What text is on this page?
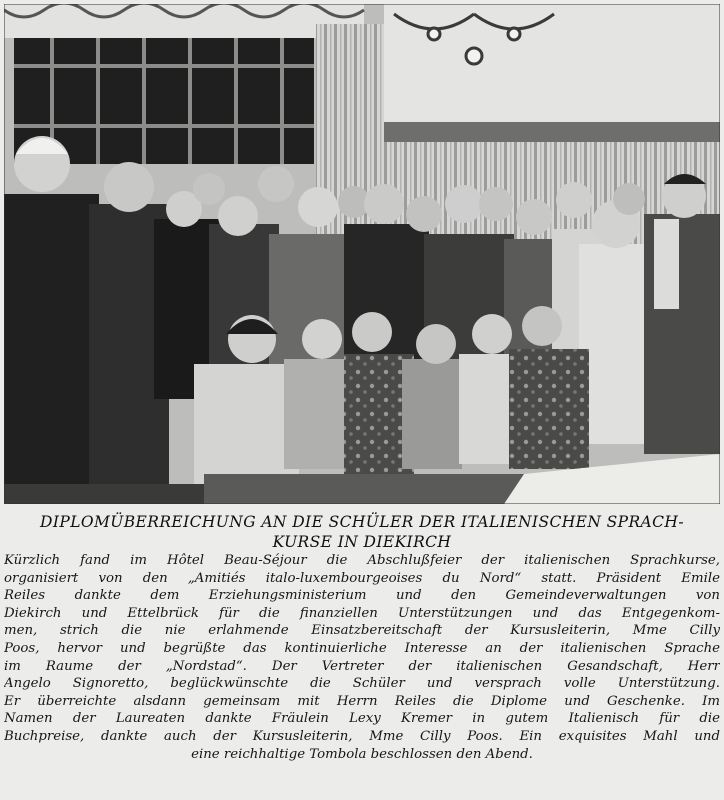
DIPLOMÜBERREICHUNG AN DIE SCHÜLER DER ITALIENISCHEN SPRACH-
KURSE IN DIEKIRCH
Kürzlich fand im Hôtel Beau-Séjour die Abschlußfeier der italienischen Sprachkurse,
organisiert von den „Amitiés italo-luxembourgeoises du Nord“ statt. Präsident Emile
Reiles dankte dem Erziehungsministerium und den Gemeindeverwaltungen von
Diekirch und Ettelbrück für die finanziellen Unterstützungen und das Entgegenkom-
men, strich die nie erlahmende Einsatzbereitschaft der Kursusleiterin, Mme Cilly
Poos, hervor und begrüßte das kontinuierliche Interesse an der italienischen Sprache
im Raume der „Nordstad“. Der Vertreter der italienischen Gesandschaft, Herr
Angelo Signoretto, beglückwünschte die Schüler und versprach volle Unterstützung.
Er überreichte alsdann gemeinsam mit Herrn Reiles die Diplome und Geschenke. Im
Namen der Laureaten dankte Fräulein Lexy Kremer in gutem Italienisch für die
Buchpreise, dankte auch der Kursusleiterin, Mme Cilly Poos. Ein exquisites Mahl und
eine reichhaltige Tombola beschlossen den Abend.
